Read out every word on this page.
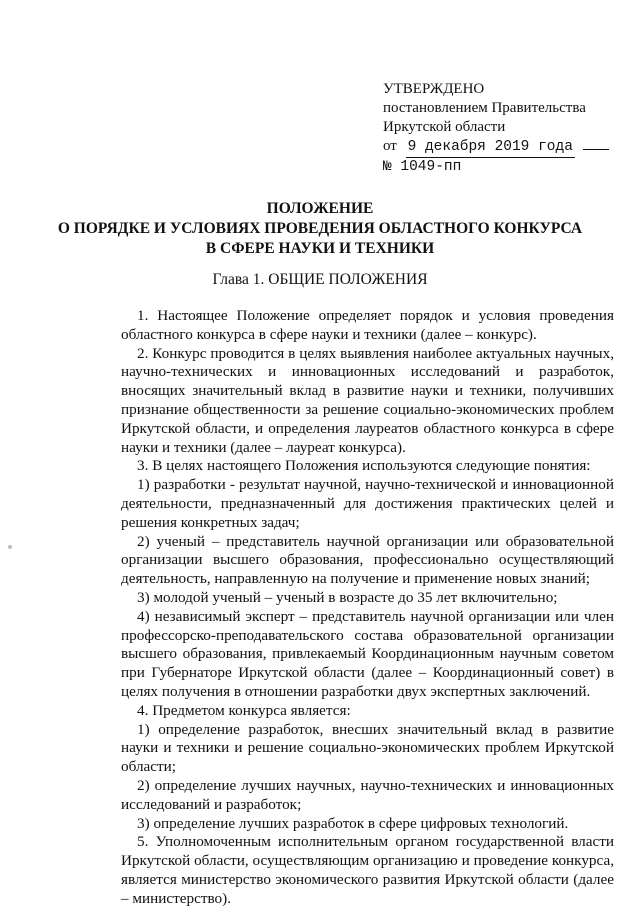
УТВЕРЖДЕНО
постановлением Правительства
Иркутской области
от 9 декабря 2019 года
№ 1049-пп
ПОЛОЖЕНИЕ
О ПОРЯДКЕ И УСЛОВИЯХ ПРОВЕДЕНИЯ ОБЛАСТНОГО КОНКУРСА
В СФЕРЕ НАУКИ И ТЕХНИКИ
Глава 1. ОБЩИЕ ПОЛОЖЕНИЯ

1. Настоящее Положение определяет порядок и условия проведения областного конкурса в сфере науки и техники (далее – конкурс).

2. Конкурс проводится в целях выявления наиболее актуальных научных, научно-технических и инновационных исследований и разработок, вносящих значительный вклад в развитие науки и техники, получивших признание общественности за решение социально-экономических проблем Иркутской области, и определения лауреатов областного конкурса в сфере науки и техники (далее – лауреат конкурса).

3. В целях настоящего Положения используются следующие понятия:

1) разработки - результат научной, научно-технической и инновационной деятельности, предназначенный для достижения практических целей и решения конкретных задач;

2) ученый – представитель научной организации или образовательной организации высшего образования, профессионально осуществляющий деятельность, направленную на получение и применение новых знаний;

3) молодой ученый – ученый в возрасте до 35 лет включительно;

4) независимый эксперт – представитель научной организации или член профессорско-преподавательского состава образовательной организации высшего образования, привлекаемый Координационным научным советом при Губернаторе Иркутской области (далее – Координационный совет) в целях получения в отношении разработки двух экспертных заключений.

4. Предметом конкурса является:

1) определение разработок, внесших значительный вклад в развитие науки и техники и решение социально-экономических проблем Иркутской области;

2) определение лучших научных, научно-технических и инновационных исследований и разработок;

3) определение лучших разработок в сфере цифровых технологий.

5. Уполномоченным исполнительным органом государственной власти Иркутской области, осуществляющим организацию и проведение конкурса, является министерство экономического развития Иркутской области (далее – министерство).
